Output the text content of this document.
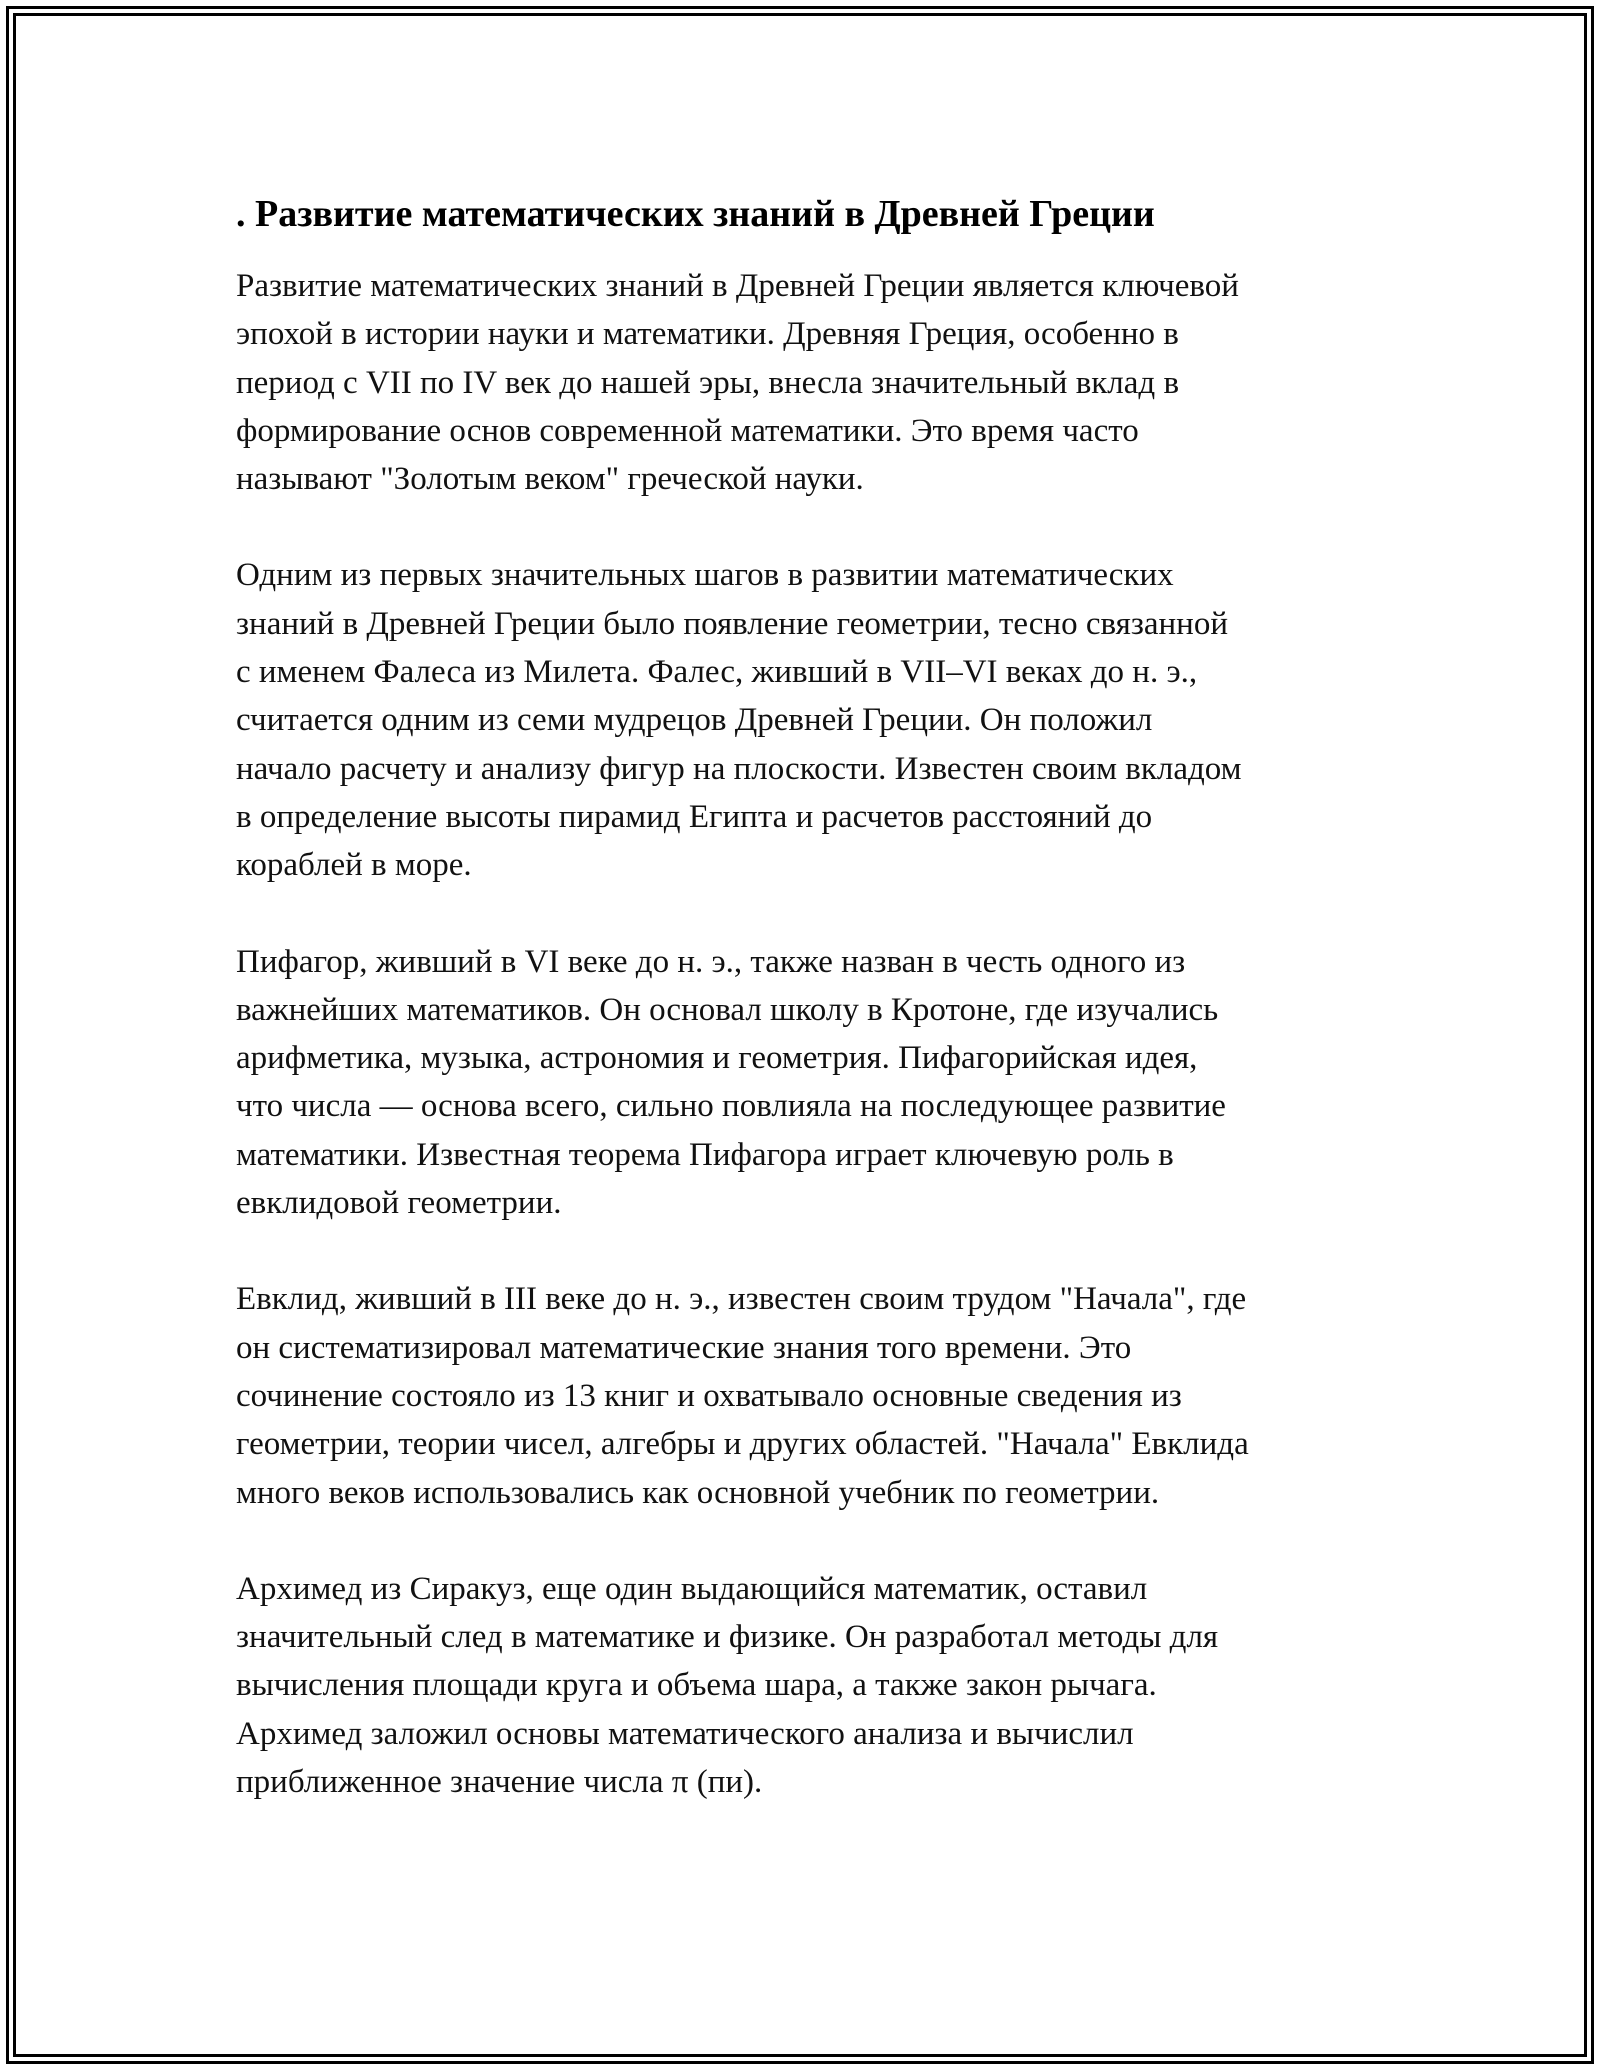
. Развитие математических знаний в Древней Греции

Развитие математических знаний в Древней Греции является ключевой
эпохой в истории науки и математики. Древняя Греция, особенно в
период с VII по IV век до нашей эры, внесла значительный вклад в
формирование основ современной математики. Это время часто
называют "Золотым веком" греческой науки.

Одним из первых значительных шагов в развитии математических
знаний в Древней Греции было появление геометрии, тесно связанной
с именем Фалеса из Милета. Фалес, живший в VII–VI веках до н. э.,
считается одним из семи мудрецов Древней Греции. Он положил
начало расчету и анализу фигур на плоскости. Известен своим вкладом
в определение высоты пирамид Египта и расчетов расстояний до
кораблей в море.

Пифагор, живший в VI веке до н. э., также назван в честь одного из
важнейших математиков. Он основал школу в Кротоне, где изучались
арифметика, музыка, астрономия и геометрия. Пифагорийская идея,
что числа — основа всего, сильно повлияла на последующее развитие
математики. Известная теорема Пифагора играет ключевую роль в
евклидовой геометрии.

Евклид, живший в III веке до н. э., известен своим трудом "Начала", где
он систематизировал математические знания того времени. Это
сочинение состояло из 13 книг и охватывало основные сведения из
геометрии, теории чисел, алгебры и других областей. "Начала" Евклида
много веков использовались как основной учебник по геометрии.

Архимед из Сиракуз, еще один выдающийся математик, оставил
значительный след в математике и физике. Он разработал методы для
вычисления площади круга и объема шара, а также закон рычага.
Архимед заложил основы математического анализа и вычислил
приближенное значение числа π (пи).
